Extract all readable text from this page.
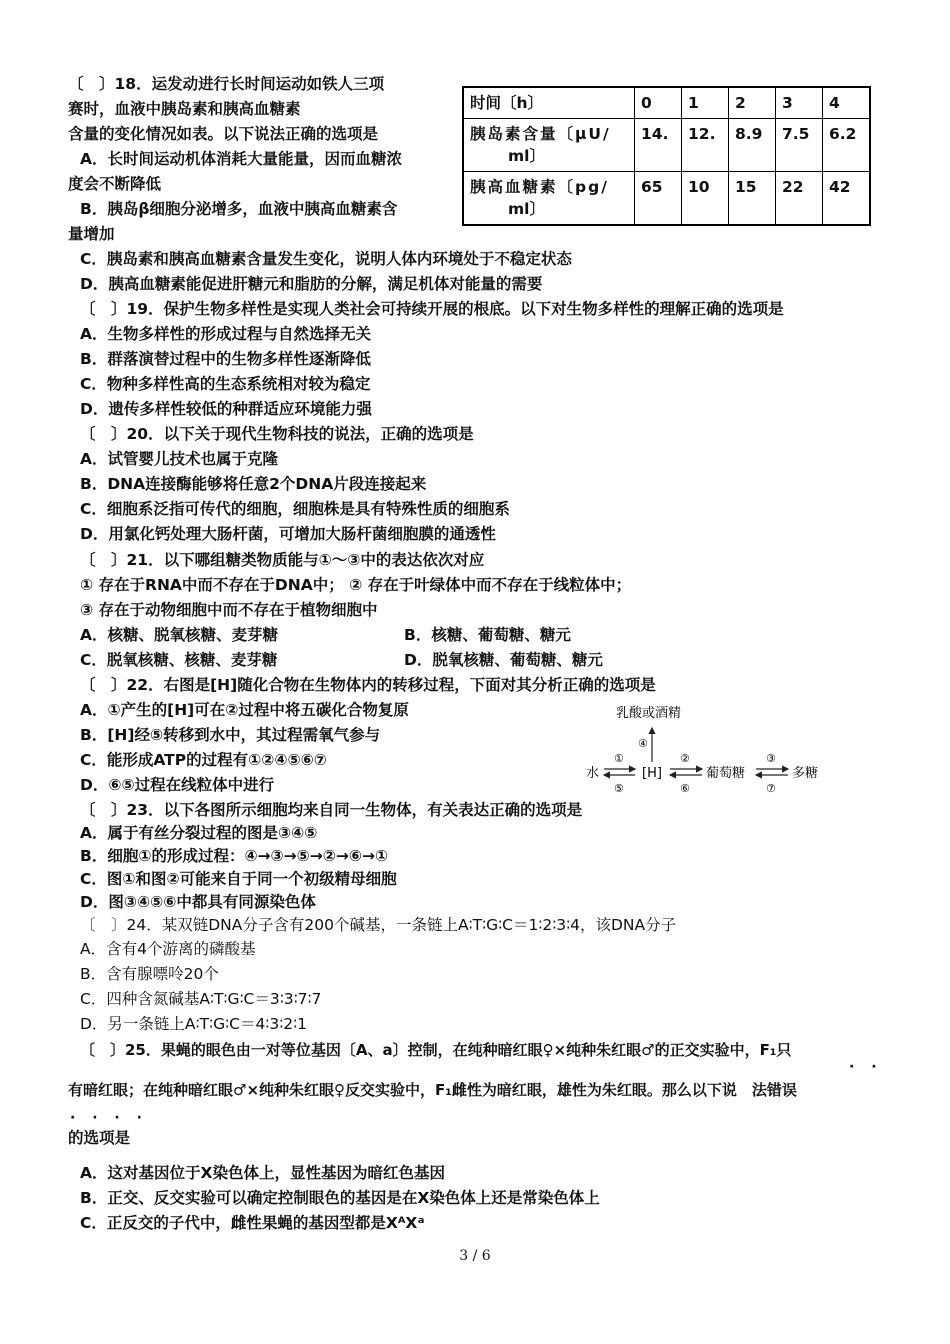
〔　〕18．运发动进行长时间运动如铁人三项
赛时，血液中胰岛素和胰高血糖素
含量的变化情况如表。以下说法正确的选项是
A．长时间运动机体消耗大量能量，因而血糖浓
度会不断降低
B．胰岛β细胞分泌增多，血液中胰高血糖素含
量增加
时间〔h〕	0	1	2	3	4

胰岛素含量〔μU/
ml〕	14.	12.	8.9	7.5	6.2

胰高血糖素〔pg/
ml〕	65	10	15	22	42
C．胰岛素和胰高血糖素含量发生变化，说明人体内环境处于不稳定状态
D．胰高血糖素能促进肝糖元和脂肪的分解，满足机体对能量的需要
〔　〕19．保护生物多样性是实现人类社会可持续开展的根底。以下对生物多样性的理解正确的选项是
A．生物多样性的形成过程与自然选择无关
B．群落演替过程中的生物多样性逐渐降低
C．物种多样性高的生态系统相对较为稳定
D．遗传多样性较低的种群适应环境能力强
〔　〕20．以下关于现代生物科技的说法，正确的选项是
A．试管婴儿技术也属于克隆
B．DNA连接酶能够将任意2个DNA片段连接起来
C．细胞系泛指可传代的细胞，细胞株是具有特殊性质的细胞系
D．用氯化钙处理大肠杆菌，可增加大肠杆菌细胞膜的通透性
〔　〕21．以下哪组糖类物质能与①～③中的表达依次对应
① 存在于RNA中而不存在于DNA中； ② 存在于叶绿体中而不存在于线粒体中；
③ 存在于动物细胞中而不存在于植物细胞中
A．核糖、脱氧核糖、麦芽糖	B．核糖、葡萄糖、糖元
C．脱氧核糖、核糖、麦芽糖	D．脱氧核糖、葡萄糖、糖元
〔　〕22．右图是[H]随化合物在生物体内的转移过程，下面对其分析正确的选项是
A．①产生的[H]可在②过程中将五碳化合物复原
B．[H]经⑤转移到水中，其过程需氧气参与
C．能形成ATP的过程有①②④⑤⑥⑦
D．⑥⑤过程在线粒体中进行
乳酸或酒精
④
水
①
⑤
[H]
②
⑥
葡萄糖
③
⑦
多糖
〔　〕23．以下各图所示细胞均来自同一生物体，有关表达正确的选项是
A．属于有丝分裂过程的图是③④⑤
B．细胞①的形成过程：④→③→⑤→②→⑥→①
C．图①和图②可能来自于同一个初级精母细胞
D．图③④⑤⑥中都具有同源染色体
〔　〕24．某双链DNA分子含有200个碱基，一条链上A∶T∶G∶C＝1∶2∶3∶4，该DNA分子
A．含有4个游离的磷酸基
B．含有腺嘌呤20个
C．四种含氮碱基A∶T∶G∶C＝3∶3∶7∶7
D．另一条链上A∶T∶G∶C＝4∶3∶2∶1
〔　〕25．果蝇的眼色由一对等位基因〔A、a〕控制，在纯种暗红眼♀×纯种朱红眼♂的正交实验中，F₁只
· ·
有暗红眼；在纯种暗红眼♂×纯种朱红眼♀反交实验中，F₁雌性为暗红眼，雄性为朱红眼。那么以下说　法错误
· · · ·
的选项是
A．这对基因位于X染色体上，显性基因为暗红色基因
B．正交、反交实验可以确定控制眼色的基因是在X染色体上还是常染色体上
C．正反交的子代中，雌性果蝇的基因型都是XᴬXᵃ
3 / 6
